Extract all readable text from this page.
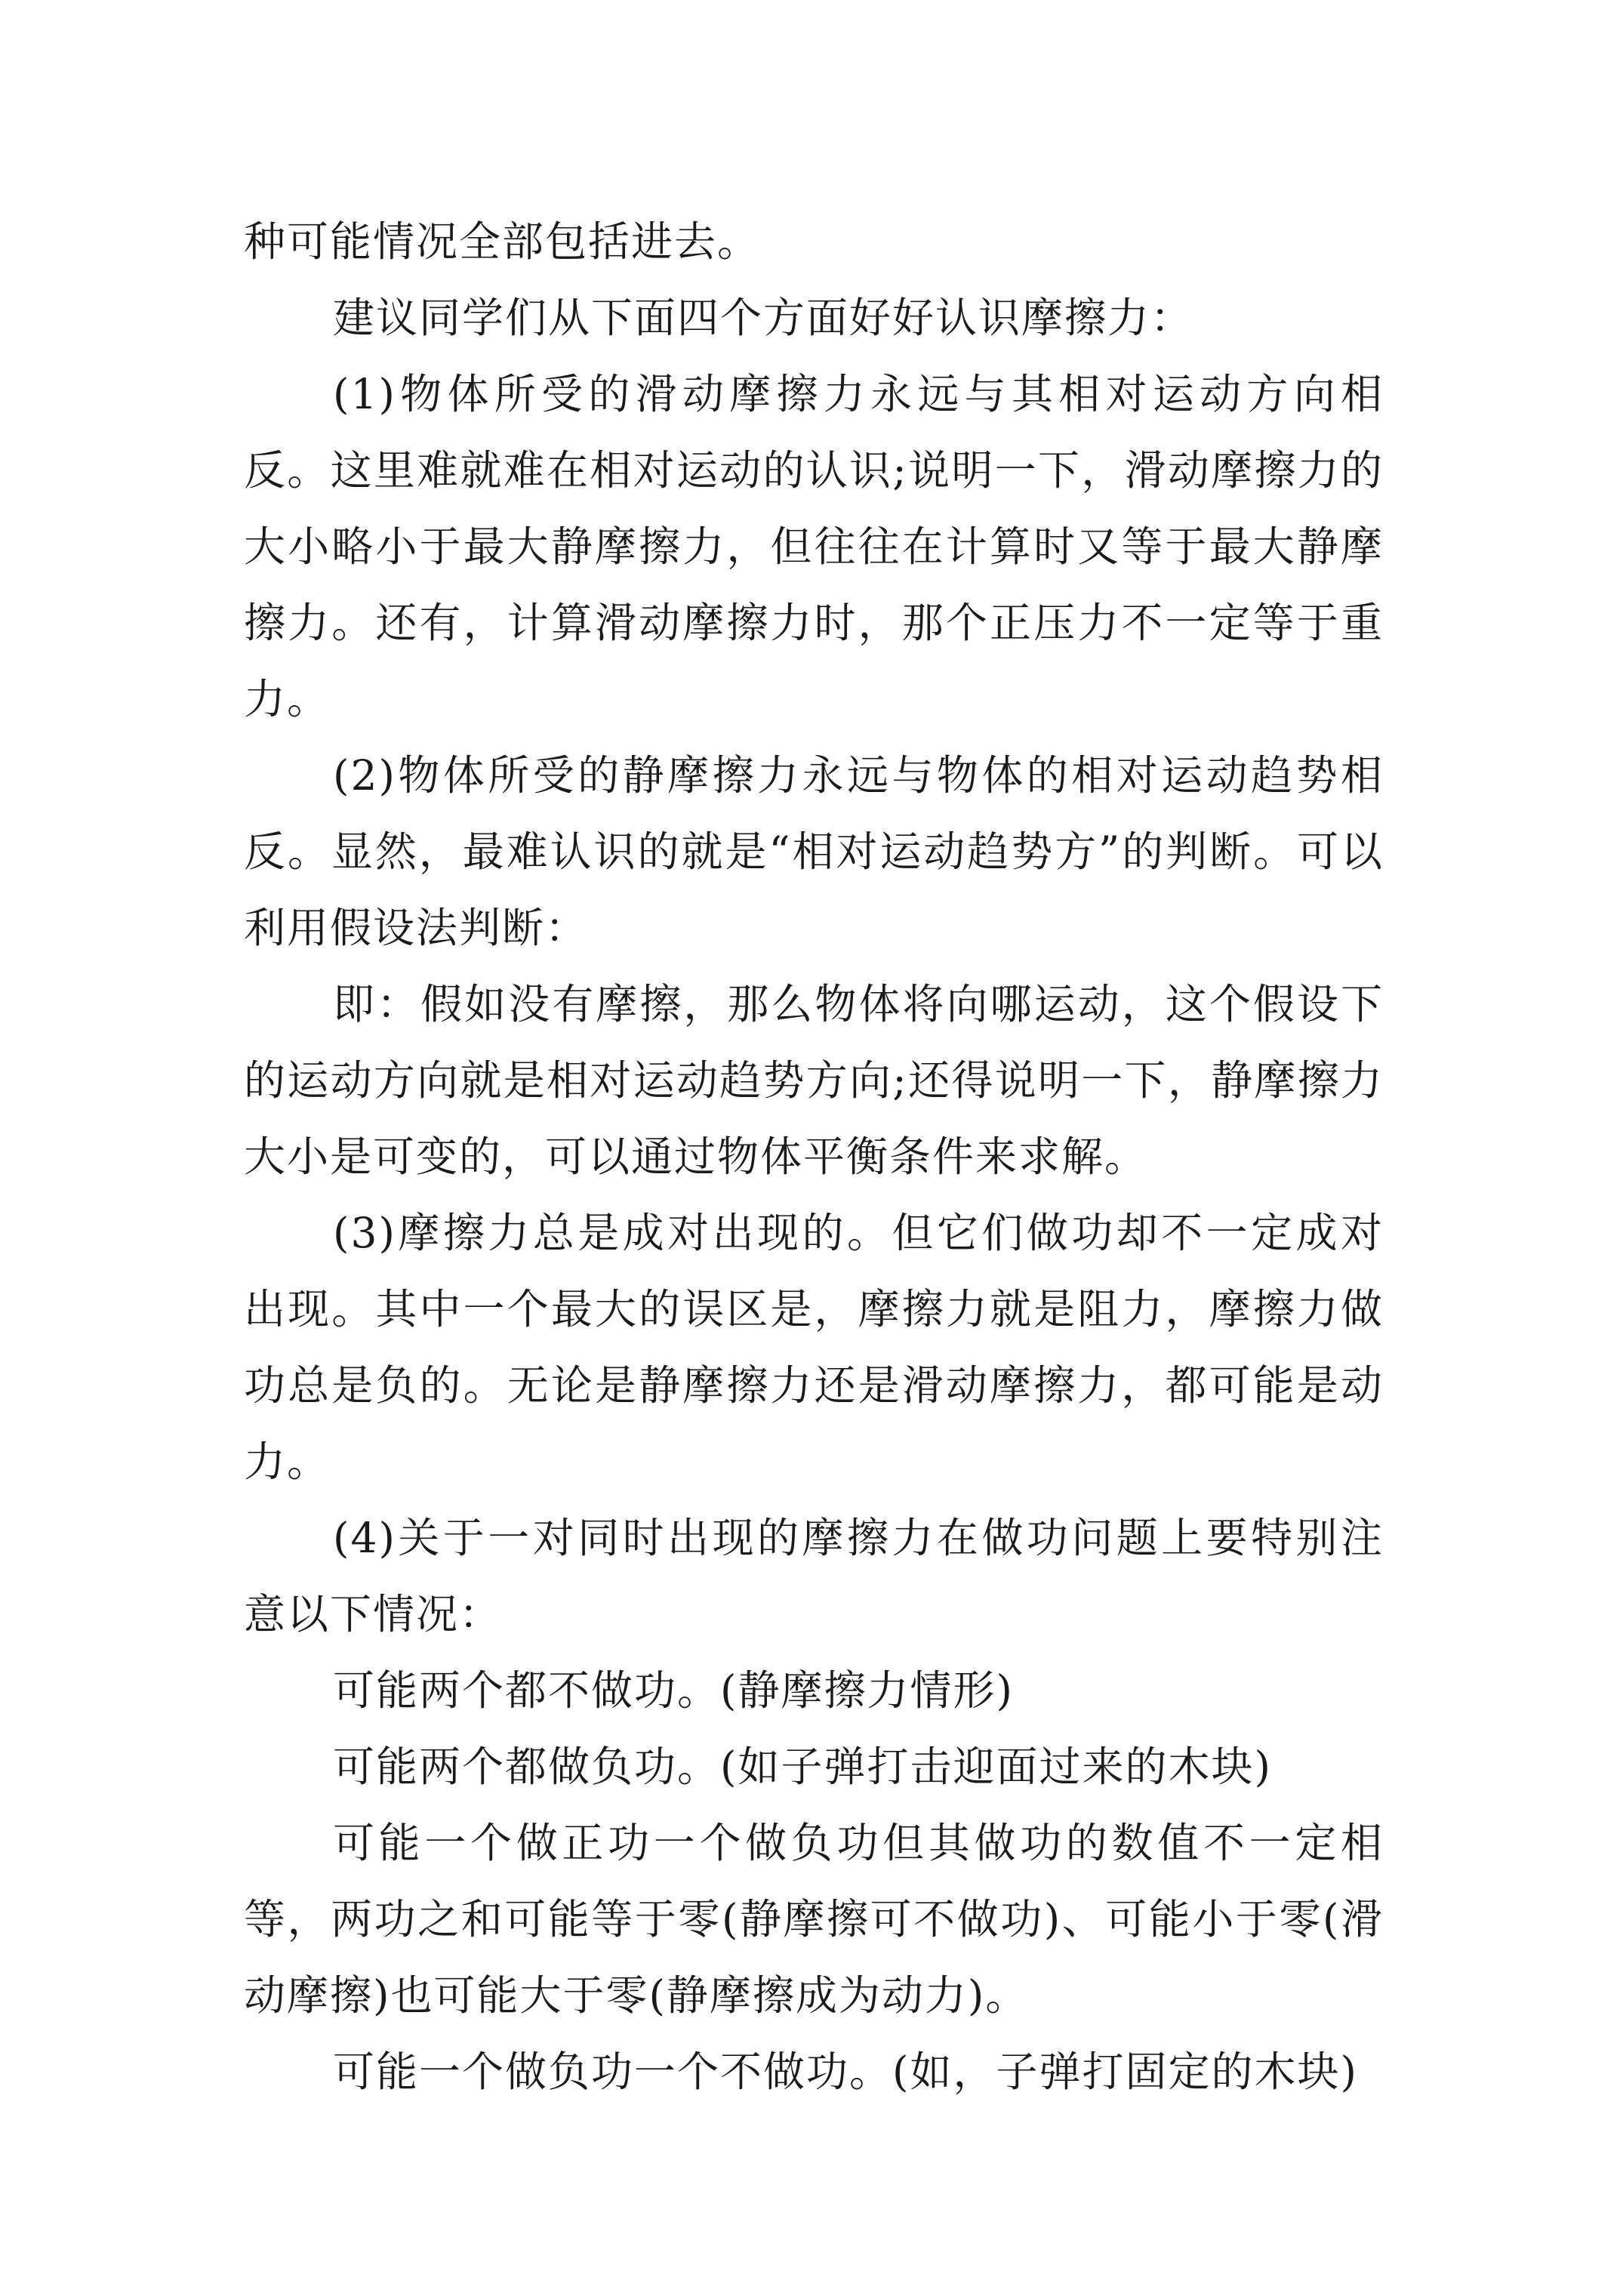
种可能情况全部包括进去。

建议同学们从下面四个方面好好认识摩擦力：

(1)物体所受的滑动摩擦力永远与其相对运动方向相反。这里难就难在相对运动的认识;说明一下，滑动摩擦力的大小略小于最大静摩擦力，但往往在计算时又等于最大静摩擦力。还有，计算滑动摩擦力时，那个正压力不一定等于重力。

(2)物体所受的静摩擦力永远与物体的相对运动趋势相反。显然，最难认识的就是“相对运动趋势方”的判断。可以利用假设法判断：

即：假如没有摩擦，那么物体将向哪运动，这个假设下的运动方向就是相对运动趋势方向;还得说明一下，静摩擦力大小是可变的，可以通过物体平衡条件来求解。

(3)摩擦力总是成对出现的。但它们做功却不一定成对出现。其中一个最大的误区是，摩擦力就是阻力，摩擦力做功总是负的。无论是静摩擦力还是滑动摩擦力，都可能是动力。

(4)关于一对同时出现的摩擦力在做功问题上要特别注意以下情况：

可能两个都不做功。(静摩擦力情形)

可能两个都做负功。(如子弹打击迎面过来的木块)

可能一个做正功一个做负功但其做功的数值不一定相等，两功之和可能等于零(静摩擦可不做功)、可能小于零(滑动摩擦)也可能大于零(静摩擦成为动力)。

可能一个做负功一个不做功。(如，子弹打固定的木块)
